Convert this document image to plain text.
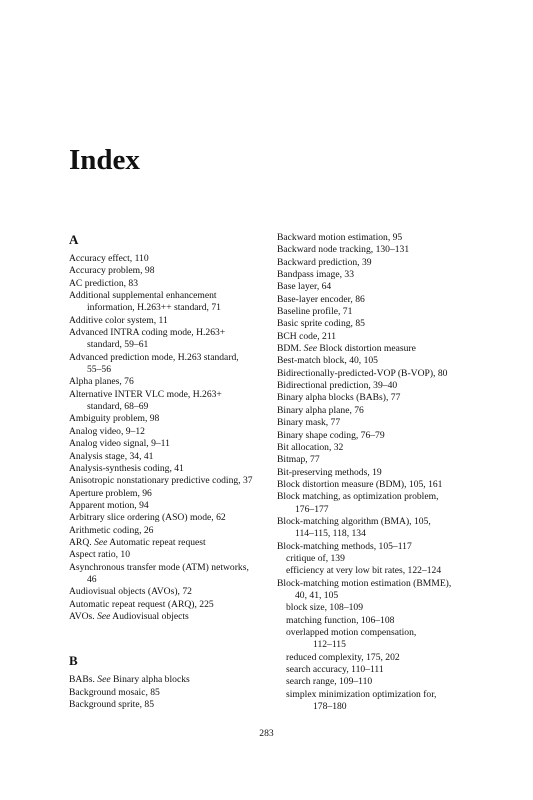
Index
A
Accuracy effect, 110
Accuracy problem, 98
AC prediction, 83
Additional supplemental enhancement
information, H.263++ standard, 71
Additive color system, 11
Advanced INTRA coding mode, H.263+
standard, 59–61
Advanced prediction mode, H.263 standard,
55–56
Alpha planes, 76
Alternative INTER VLC mode, H.263+
standard, 68–69
Ambiguity problem, 98
Analog video, 9–12
Analog video signal, 9–11
Analysis stage, 34, 41
Analysis-synthesis coding, 41
Anisotropic nonstationary predictive coding, 37
Aperture problem, 96
Apparent motion, 94
Arbitrary slice ordering (ASO) mode, 62
Arithmetic coding, 26
ARQ. See Automatic repeat request
Aspect ratio, 10
Asynchronous transfer mode (ATM) networks,
46
Audiovisual objects (AVOs), 72
Automatic repeat request (ARQ), 225
AVOs. See Audiovisual objects
B
BABs. See Binary alpha blocks
Background mosaic, 85
Background sprite, 85
Backward motion estimation, 95
Backward node tracking, 130–131
Backward prediction, 39
Bandpass image, 33
Base layer, 64
Base-layer encoder, 86
Baseline profile, 71
Basic sprite coding, 85
BCH code, 211
BDM. See Block distortion measure
Best-match block, 40, 105
Bidirectionally-predicted-VOP (B-VOP), 80
Bidirectional prediction, 39–40
Binary alpha blocks (BABs), 77
Binary alpha plane, 76
Binary mask, 77
Binary shape coding, 76–79
Bit allocation, 32
Bitmap, 77
Bit-preserving methods, 19
Block distortion measure (BDM), 105, 161
Block matching, as optimization problem,
176–177
Block-matching algorithm (BMA), 105,
114–115, 118, 134
Block-matching methods, 105–117
critique of, 139
efficiency at very low bit rates, 122–124
Block-matching motion estimation (BMME),
40, 41, 105
block size, 108–109
matching function, 106–108
overlapped motion compensation,
112–115
reduced complexity, 175, 202
search accuracy, 110–111
search range, 109–110
simplex minimization optimization for,
178–180
283
